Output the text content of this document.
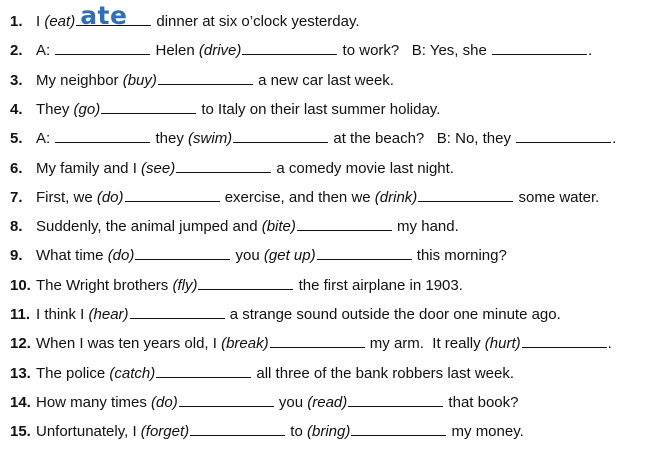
1. I (eat) ate dinner at six o’clock yesterday.
2. A:	Helen (drive)	to work?   B: Yes, she	.
3. My neighbor (buy)	a new car last week.
4. They (go)	to Italy on their last summer holiday.
5. A:	they (swim)	at the beach?   B: No, they	.
6. My family and I (see)	a comedy movie last night.
7. First, we (do)	exercise, and then we (drink)	some water.
8. Suddenly, the animal jumped and (bite)	my hand.
9. What time (do)	you (get up)	this morning?
10. The Wright brothers (fly)	the first airplane in 1903.
11. I think I (hear)	a strange sound outside the door one minute ago.
12. When I was ten years old, I (break)	my arm.  It really (hurt)	.
13. The police (catch)	all three of the bank robbers last week.
14. How many times (do)	you (read)	that book?
15. Unfortunately, I (forget)	to (bring)	my money.
